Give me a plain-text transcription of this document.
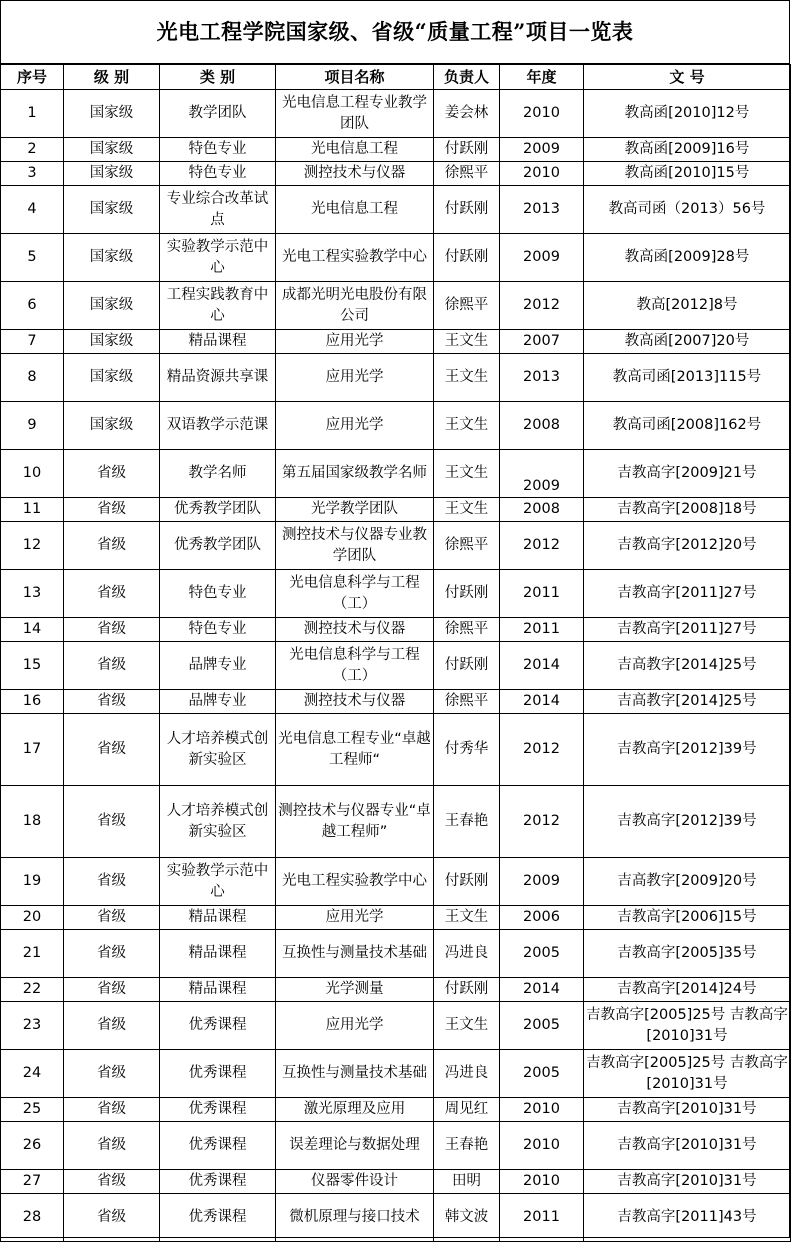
光电工程学院国家级、省级“质量工程”项目一览表
序号	级 别	类 别	项目名称	负责人	年度	文 号
1	国家级	教学团队	光电信息工程专业教学团队	姜会林	2010	教高函[2010]12号
2	国家级	特色专业	光电信息工程	付跃刚	2009	教高函[2009]16号
3	国家级	特色专业	测控技术与仪器	徐熙平	2010	教高函[2010]15号
4	国家级	专业综合改革试点	光电信息工程	付跃刚	2013	教高司函（2013）56号
5	国家级	实验教学示范中心	光电工程实验教学中心	付跃刚	2009	教高函[2009]28号
6	国家级	工程实践教育中心	成都光明光电股份有限公司	徐熙平	2012	教高[2012]8号
7	国家级	精品课程	应用光学	王文生	2007	教高函[2007]20号
8	国家级	精品资源共享课	应用光学	王文生	2013	教高司函[2013]115号
9	国家级	双语教学示范课	应用光学	王文生	2008	教高司函[2008]162号
10	省级	教学名师	第五届国家级教学名师	王文生	2009	吉教高字[2009]21号
11	省级	优秀教学团队	光学教学团队	王文生	2008	吉教高字[2008]18号
12	省级	优秀教学团队	测控技术与仪器专业教学团队	徐熙平	2012	吉教高字[2012]20号
13	省级	特色专业	光电信息科学与工程（工）	付跃刚	2011	吉教高字[2011]27号
14	省级	特色专业	测控技术与仪器	徐熙平	2011	吉教高字[2011]27号
15	省级	品牌专业	光电信息科学与工程（工）	付跃刚	2014	吉高教字[2014]25号
16	省级	品牌专业	测控技术与仪器	徐熙平	2014	吉高教字[2014]25号
17	省级	人才培养模式创新实验区	光电信息工程专业“卓越工程师“	付秀华	2012	吉教高字[2012]39号
18	省级	人才培养模式创新实验区	测控技术与仪器专业“卓越工程师”	王春艳	2012	吉教高字[2012]39号
19	省级	实验教学示范中心	光电工程实验教学中心	付跃刚	2009	吉高教字[2009]20号
20	省级	精品课程	应用光学	王文生	2006	吉教高字[2006]15号
21	省级	精品课程	互换性与测量技术基础	冯进良	2005	吉教高字[2005]35号
22	省级	精品课程	光学测量	付跃刚	2014	吉教高字[2014]24号
23	省级	优秀课程	应用光学	王文生	2005	吉教高字[2005]25号 吉教高字[2010]31号
24	省级	优秀课程	互换性与测量技术基础	冯进良	2005	吉教高字[2005]25号 吉教高字[2010]31号
25	省级	优秀课程	激光原理及应用	周见红	2010	吉教高字[2010]31号
26	省级	优秀课程	误差理论与数据处理	王春艳	2010	吉教高字[2010]31号
27	省级	优秀课程	仪器零件设计	田明	2010	吉教高字[2010]31号
28	省级	优秀课程	微机原理与接口技术	韩文波	2011	吉教高字[2011]43号
